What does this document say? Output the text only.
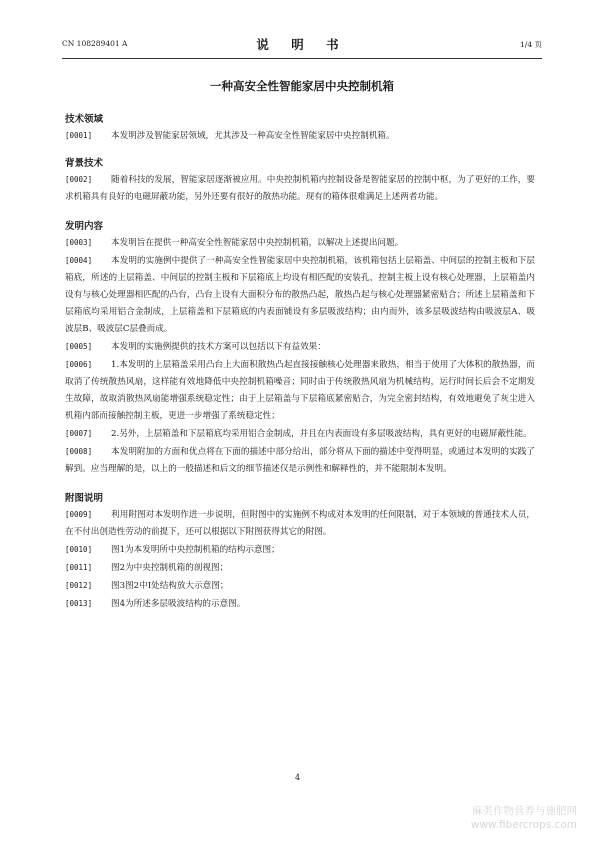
CN 108289401 A	说 明 书	1/4 页
一种高安全性智能家居中央控制机箱

技术领域

[0001] 本发明涉及智能家居领域，尤其涉及一种高安全性智能家居中央控制机箱。

背景技术

[0002] 随着科技的发展，智能家居逐渐被应用。中央控制机箱内控制设备是智能家居的控制中枢，为了更好的工作，要求机箱具有良好的电磁屏蔽功能，另外还要有很好的散热功能。现有的箱体很难满足上述两者功能。

发明内容

[0003] 本发明旨在提供一种高安全性智能家居中央控制机箱，以解决上述提出问题。

[0004] 本发明的实施例中提供了一种高安全性智能家居中央控制机箱，该机箱包括上层箱盖、中间层的控制主板和下层箱底，所述的上层箱盖、中间层的控制主板和下层箱底上均设有相匹配的安装孔，控制主板上设有核心处理器，上层箱盖内设有与核心处理器相匹配的凸台，凸台上设有大面积分布的散热凸起，散热凸起与核心处理器紧密贴合；所述上层箱盖和下层箱底均采用铝合金制成，上层箱盖和下层箱底的内表面铺设有多层吸波结构；由内而外，该多层吸波结构由吸波层A、吸波层B、吸波层C层叠而成。

[0005] 本发明的实施例提供的技术方案可以包括以下有益效果：

[0006] 1.本发明的上层箱盖采用凸台上大面积散热凸起直接接触核心处理器来散热，相当于使用了大体积的散热器，而取消了传统散热风扇，这样能有效地降低中央控制机箱噪音；同时由于传统散热风扇为机械结构，运行时间长后会不定期发生故障，故取消散热风扇能增强系统稳定性；由于上层箱盖与下层箱底紧密贴合，为完全密封结构，有效地避免了灰尘进入机箱内部而接触控制主板，更进一步增强了系统稳定性；

[0007] 2.另外，上层箱盖和下层箱底均采用铝合金制成，并且在内表面设有多层吸波结构，具有更好的电磁屏蔽性能。

[0008] 本发明附加的方面和优点将在下面的描述中部分给出，部分将从下面的描述中变得明显，或通过本发明的实践了解到。应当理解的是，以上的一般描述和后文的细节描述仅是示例性和解释性的，并不能限制本发明。

附图说明

[0009] 利用附图对本发明作进一步说明，但附图中的实施例不构成对本发明的任何限制，对于本领域的普通技术人员，在不付出创造性劳动的前提下，还可以根据以下附图获得其它的附图。

[0010] 图1为本发明所中央控制机箱的结构示意图；

[0011] 图2为中央控制机箱的剖视图；

[0012] 图3图2中I处结构放大示意图；

[0013] 图4为所述多层吸波结构的示意图。

4
麻类作物营养与施肥网
www.fibercrops.com
